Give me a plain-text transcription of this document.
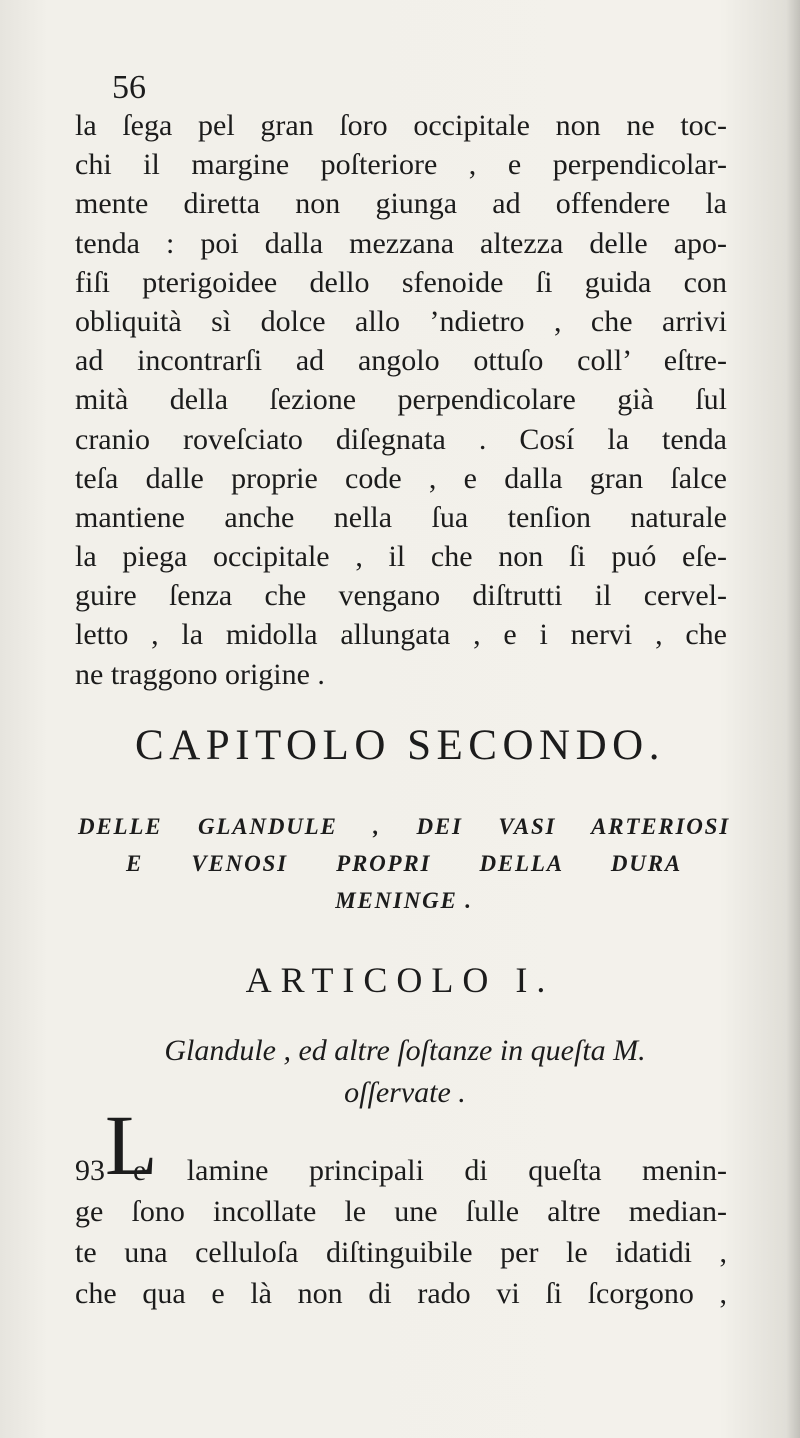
56
la ſega pel gran ſoro occipitale non ne toc-
chi il margine poſteriore , e perpendicolar-
mente diretta non giunga ad offendere la
tenda : poi dalla mezzana altezza delle apo-
fiſi pterigoidee dello sfenoide ſi guida con
obliquità sì dolce allo ’ndietro , che arrivi
ad incontrarſi ad angolo ottuſo coll’ eſtre-
mità della ſezione perpendicolare già ſul
cranio roveſciato diſegnata . Cosí la tenda
teſa dalle proprie code , e dalla gran ſalce
mantiene anche nella ſua tenſion naturale
la piega occipitale , il che non ſi puó eſe-
guire ſenza che vengano diſtrutti il cervel-
letto , la midolla allungata , e i nervi , che
ne traggono origine .
CAPITOLO SECONDO.
DELLE GLANDULE , DEI VASI ARTERIOSI
E VENOSI PROPRI DELLA DURA
MENINGE .
ARTICOLO I.
Glandule , ed altre ſoſtanze in queſta M.
oſſervate .
93 L
e lamine principali di queſta menin-
ge ſono incollate le une ſulle altre median-
te una celluloſa diſtinguibile per le idatidi ,
che qua e là non di rado vi ſi ſcorgono ,
